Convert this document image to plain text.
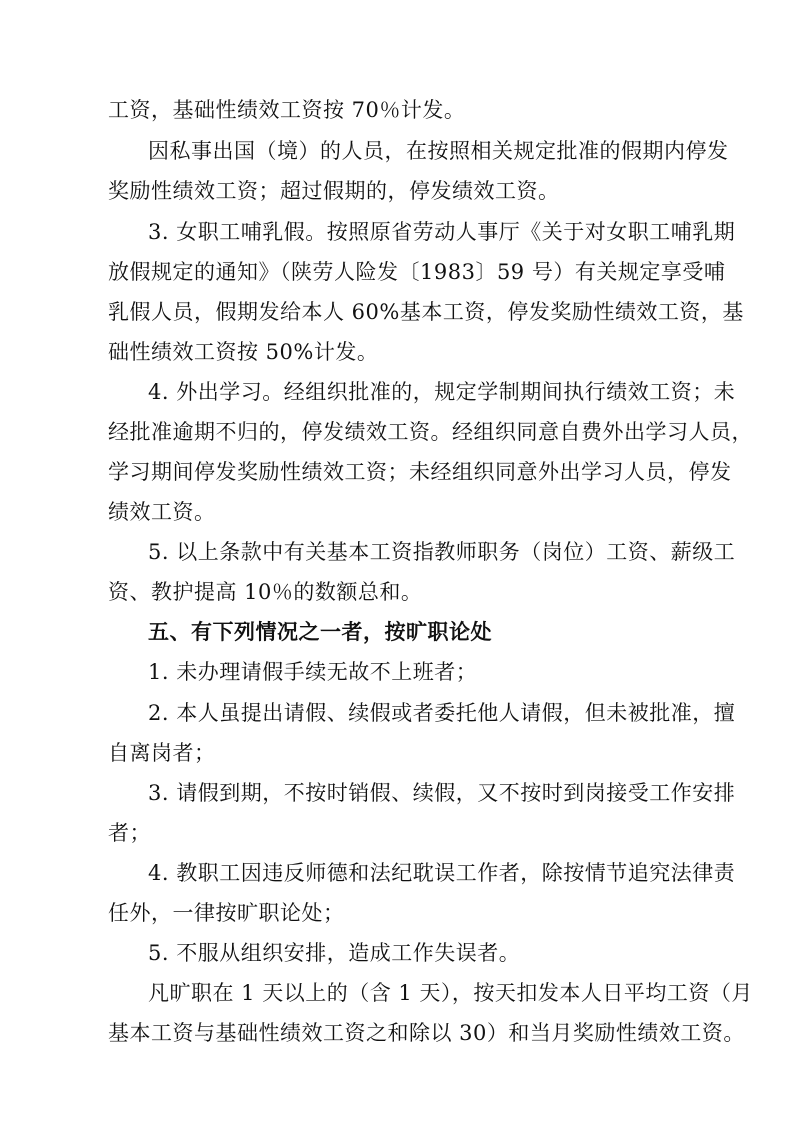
工资，基础性绩效工资按 70％计发。
因私事出国（境）的人员，在按照相关规定批准的假期内停发
奖励性绩效工资；超过假期的，停发绩效工资。
3. 女职工哺乳假。按照原省劳动人事厅《关于对女职工哺乳期
放假规定的通知》（陕劳人险发〔1983〕59 号）有关规定享受哺
乳假人员，假期发给本人 60%基本工资，停发奖励性绩效工资，基
础性绩效工资按 50%计发。
4. 外出学习。经组织批准的，规定学制期间执行绩效工资；未
经批准逾期不归的，停发绩效工资。经组织同意自费外出学习人员，
学习期间停发奖励性绩效工资；未经组织同意外出学习人员，停发
绩效工资。
5. 以上条款中有关基本工资指教师职务（岗位）工资、薪级工
资、教护提高 10％的数额总和。
五、有下列情况之一者，按旷职论处
1. 未办理请假手续无故不上班者；
2. 本人虽提出请假、续假或者委托他人请假，但未被批准，擅
自离岗者；
3. 请假到期，不按时销假、续假，又不按时到岗接受工作安排
者；
4. 教职工因违反师德和法纪耽误工作者，除按情节追究法律责
任外，一律按旷职论处；
5. 不服从组织安排，造成工作失误者。
凡旷职在 1 天以上的（含 1 天），按天扣发本人日平均工资（月
基本工资与基础性绩效工资之和除以 30）和当月奖励性绩效工资。
